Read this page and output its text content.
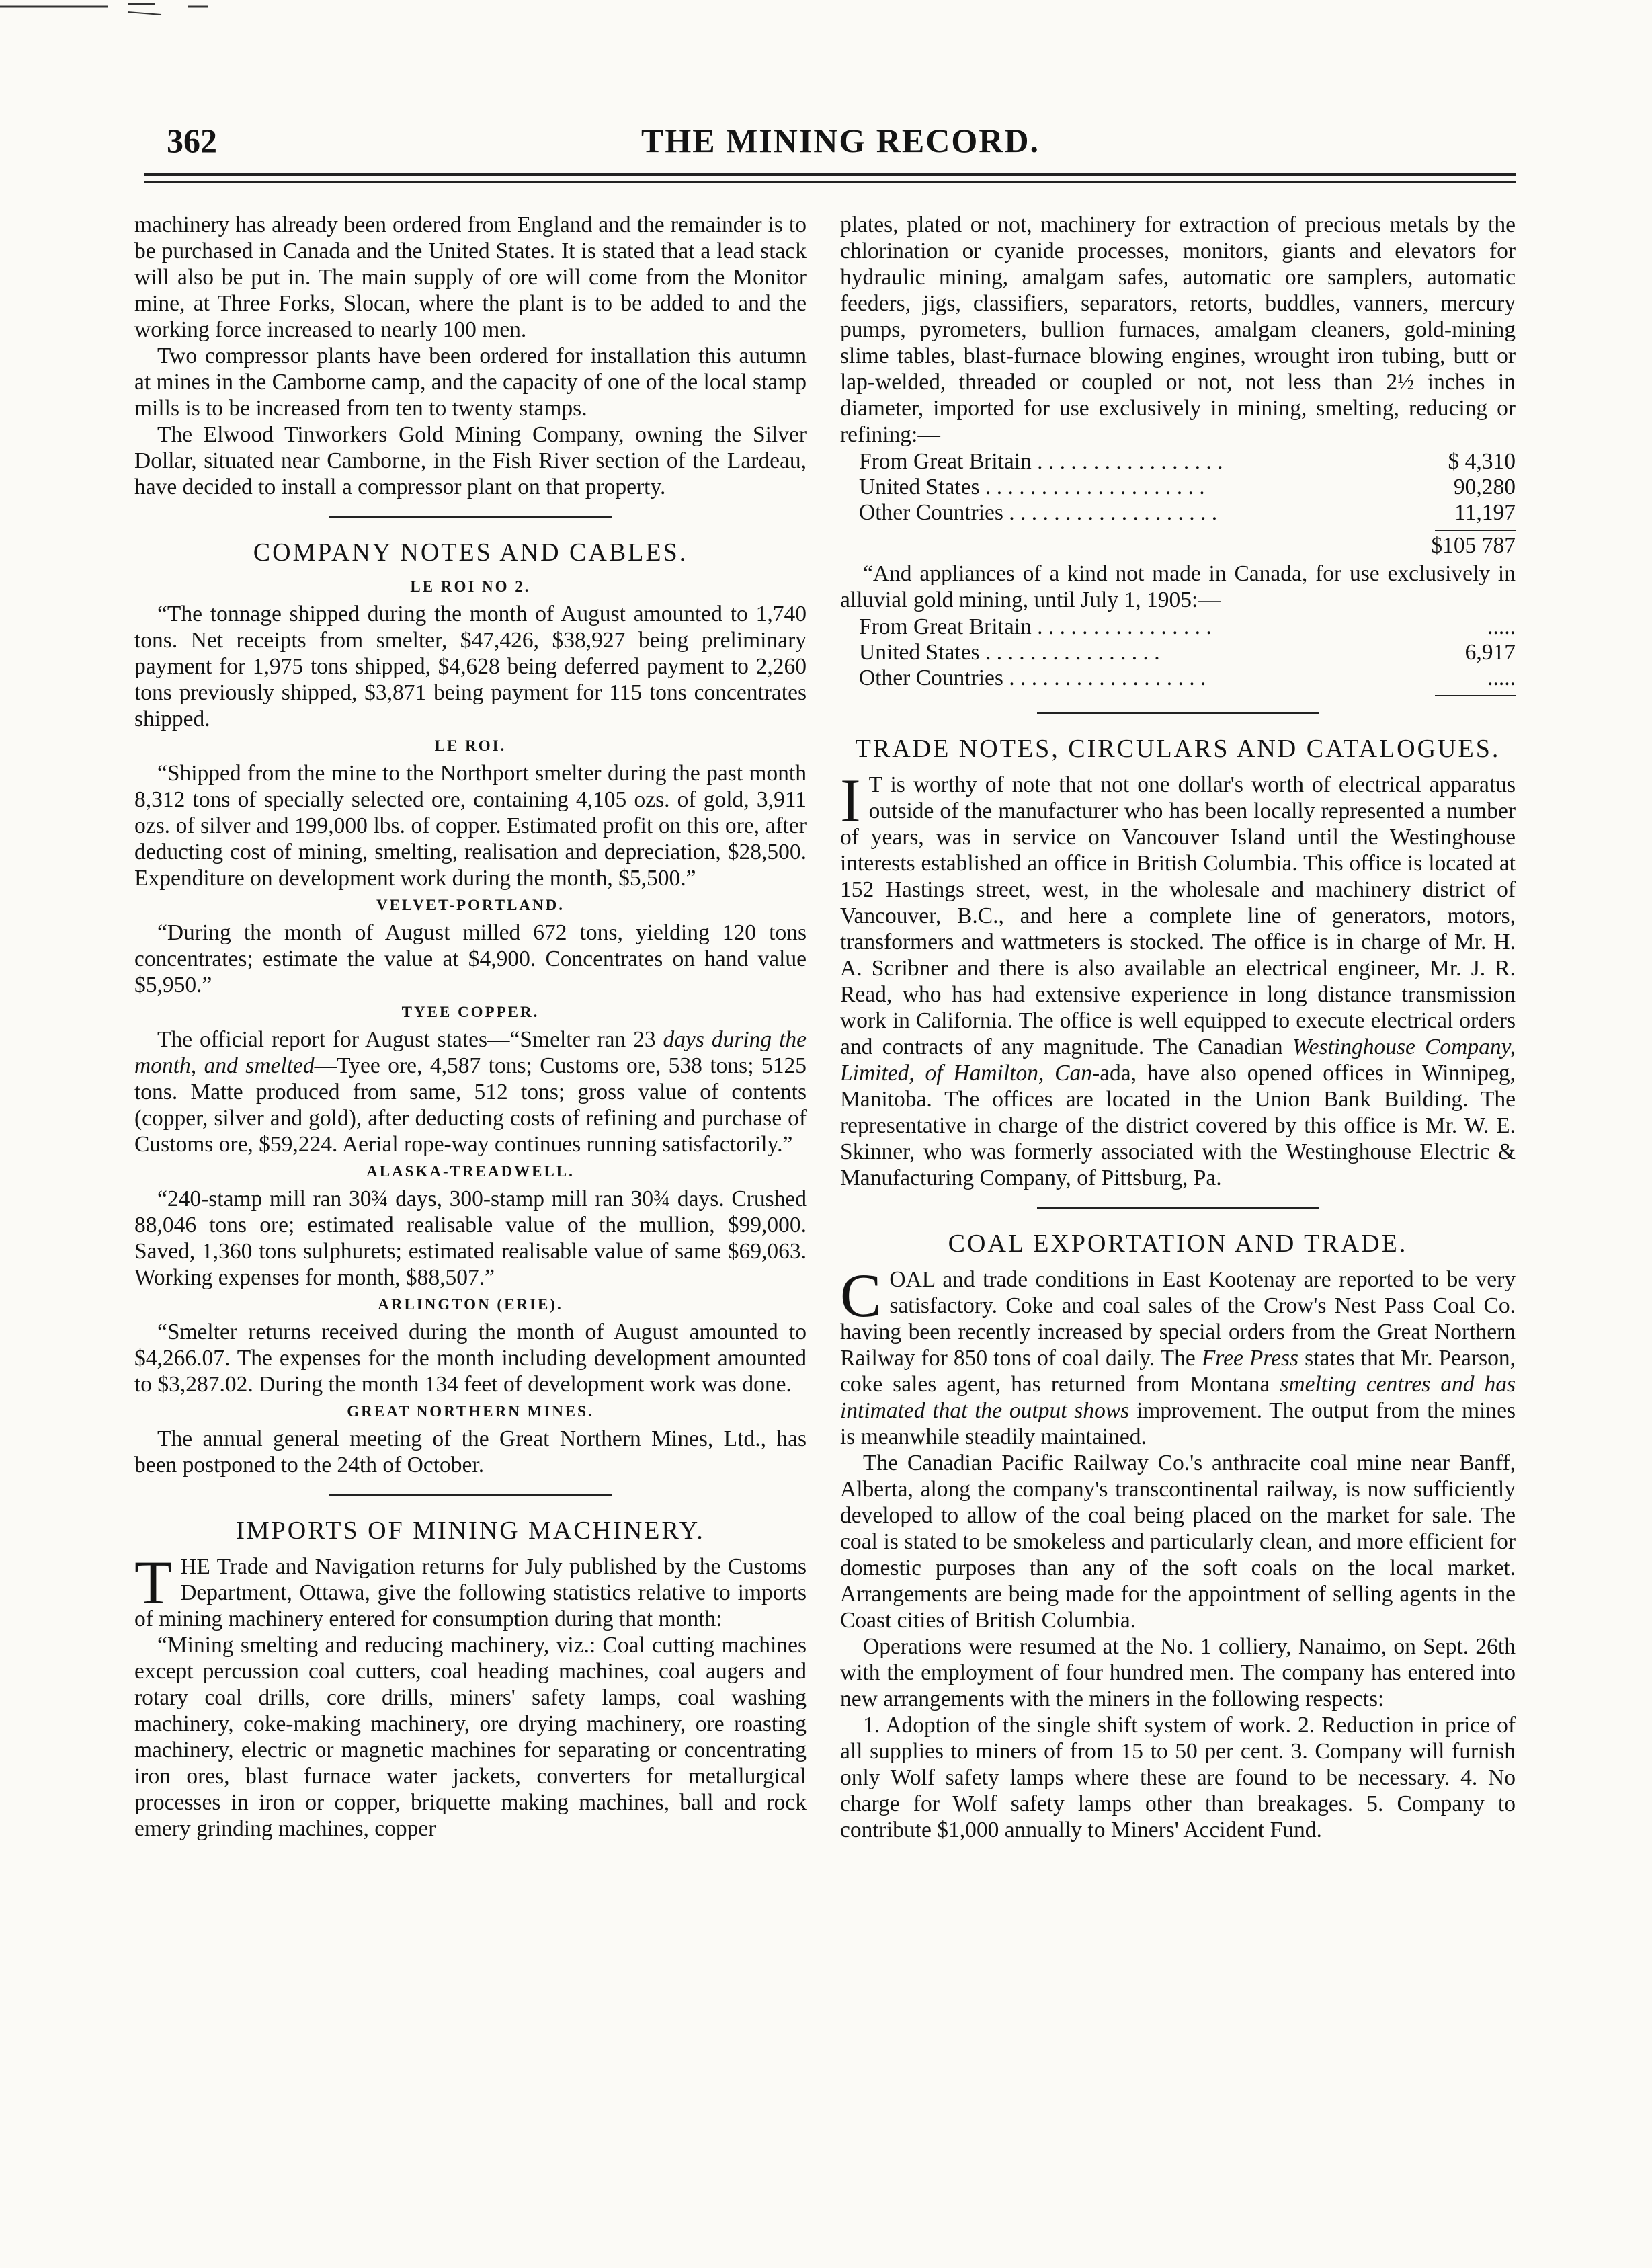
362	THE MINING RECORD.

machinery has already been ordered from England and the remainder is to be purchased in Canada and the United States. It is stated that a lead stack will also be put in. The main supply of ore will come from the Monitor mine, at Three Forks, Slocan, where the plant is to be added to and the working force increased to nearly 100 men.

Two compressor plants have been ordered for installation this autumn at mines in the Camborne camp, and the capacity of one of the local stamp mills is to be increased from ten to twenty stamps.

The Elwood Tinworkers Gold Mining Company, owning the Silver Dollar, situated near Camborne, in the Fish River section of the Lardeau, have decided to install a compressor plant on that property.

COMPANY NOTES AND CABLES.
LE ROI NO 2.

“The tonnage shipped during the month of August amounted to 1,740 tons. Net receipts from smelter, $47,426, $38,927 being preliminary payment for 1,975 tons shipped, $4,628 being deferred payment to 2,260 tons previously shipped, $3,871 being payment for 115 tons concentrates shipped.

LE ROI.

“Shipped from the mine to the Northport smelter during the past month 8,312 tons of specially selected ore, containing 4,105 ozs. of gold, 3,911 ozs. of silver and 199,000 lbs. of copper. Estimated profit on this ore, after deducting cost of mining, smelting, realisation and depreciation, $28,500. Expenditure on development work during the month, $5,500.”

VELVET-PORTLAND.

“During the month of August milled 672 tons, yielding 120 tons concentrates; estimate the value at $4,900. Concentrates on hand value $5,950.”

TYEE COPPER.

The official report for August states—“Smelter ran 23 days during the month, and smelted—Tyee ore, 4,587 tons; Customs ore, 538 tons; 5125 tons. Matte produced from same, 512 tons; gross value of contents (copper, silver and gold), after deducting costs of refining and purchase of Customs ore, $59,224. Aerial rope-way continues running satisfactorily.”

ALASKA-TREADWELL.

“240-stamp mill ran 30¾ days, 300-stamp mill ran 30¾ days. Crushed 88,046 tons ore; estimated realisable value of the mullion, $99,000. Saved, 1,360 tons sulphurets; estimated realisable value of same $69,063. Working expenses for month, $88,507.”

ARLINGTON (ERIE).

“Smelter returns received during the month of August amounted to $4,266.07. The expenses for the month including development amounted to $3,287.02. During the month 134 feet of development work was done.

GREAT NORTHERN MINES.

The annual general meeting of the Great Northern Mines, Ltd., has been postponed to the 24th of October.

IMPORTS OF MINING MACHINERY.

THE Trade and Navigation returns for July published by the Customs Department, Ottawa, give the following statistics relative to imports of mining machinery entered for consumption during that month:

“Mining smelting and reducing machinery, viz.: Coal cutting machines except percussion coal cutters, coal heading machines, coal augers and rotary coal drills, core drills, miners' safety lamps, coal washing machinery, coke-making machinery, ore drying machinery, ore roasting machinery, electric or magnetic machines for separating or concentrating iron ores, blast furnace water jackets, converters for metallurgical processes in iron or copper, briquette making machines, ball and rock emery grinding machines, copper

plates, plated or not, machinery for extraction of precious metals by the chlorination or cyanide processes, monitors, giants and elevators for hydraulic mining, amalgam safes, automatic ore samplers, automatic feeders, jigs, classifiers, separators, retorts, buddles, vanners, mercury pumps, pyrometers, bullion furnaces, amalgam cleaners, gold-mining slime tables, blast-furnace blowing engines, wrought iron tubing, butt or lap-welded, threaded or coupled or not, not less than 2½ inches in diameter, imported for use exclusively in mining, smelting, reducing or refining:—

From Great Britain . . . . . . . . . . . . . . . . .	$ 4,310
United States . . . . . . . . . . . . . . . . . . . .	90,280
Other Countries . . . . . . . . . . . . . . . . . . .	11,197
$105 787

“And appliances of a kind not made in Canada, for use exclusively in alluvial gold mining, until July 1, 1905:—

From Great Britain . . . . . . . . . . . . . . . .	.....
United States . . . . . . . . . . . . . . . .	6,917
Other Countries . . . . . . . . . . . . . . . . . .	.....
TRADE NOTES, CIRCULARS AND CATALOGUES.

I T is worthy of note that not one dollar's worth of electrical apparatus outside of the manufacturer who has been locally represented a number of years, was in service on Vancouver Island until the Westinghouse interests established an office in British Columbia. This office is located at 152 Hastings street, west, in the wholesale and machinery district of Vancouver, B.C., and here a complete line of generators, motors, transformers and wattmeters is stocked. The office is in charge of Mr. H. A. Scribner and there is also available an electrical engineer, Mr. J. R. Read, who has had extensive experience in long distance transmission work in California. The office is well equipped to execute electrical orders and contracts of any magnitude. The Canadian Westinghouse Company, Limited, of Hamilton, Can-ada, have also opened offices in Winnipeg, Manitoba. The offices are located in the Union Bank Building. The representative in charge of the district covered by this office is Mr. W. E. Skinner, who was formerly associated with the Westinghouse Electric & Manufacturing Company, of Pittsburg, Pa.

COAL EXPORTATION AND TRADE.

COAL and trade conditions in East Kootenay are reported to be very satisfactory. Coke and coal sales of the Crow's Nest Pass Coal Co. having been recently increased by special orders from the Great Northern Railway for 850 tons of coal daily. The Free Press states that Mr. Pearson, coke sales agent, has returned from Montana smelting centres and has intimated that the output shows improvement. The output from the mines is meanwhile steadily maintained.

The Canadian Pacific Railway Co.'s anthracite coal mine near Banff, Alberta, along the company's transcontinental railway, is now sufficiently developed to allow of the coal being placed on the market for sale. The coal is stated to be smokeless and particularly clean, and more efficient for domestic purposes than any of the soft coals on the local market. Arrangements are being made for the appointment of selling agents in the Coast cities of British Columbia.

Operations were resumed at the No. 1 colliery, Nanaimo, on Sept. 26th with the employment of four hundred men. The company has entered into new arrangements with the miners in the following respects:

1. Adoption of the single shift system of work. 2. Reduction in price of all supplies to miners of from 15 to 50 per cent. 3. Company will furnish only Wolf safety lamps where these are found to be necessary. 4. No charge for Wolf safety lamps other than breakages. 5. Company to contribute $1,000 annually to Miners' Accident Fund.
